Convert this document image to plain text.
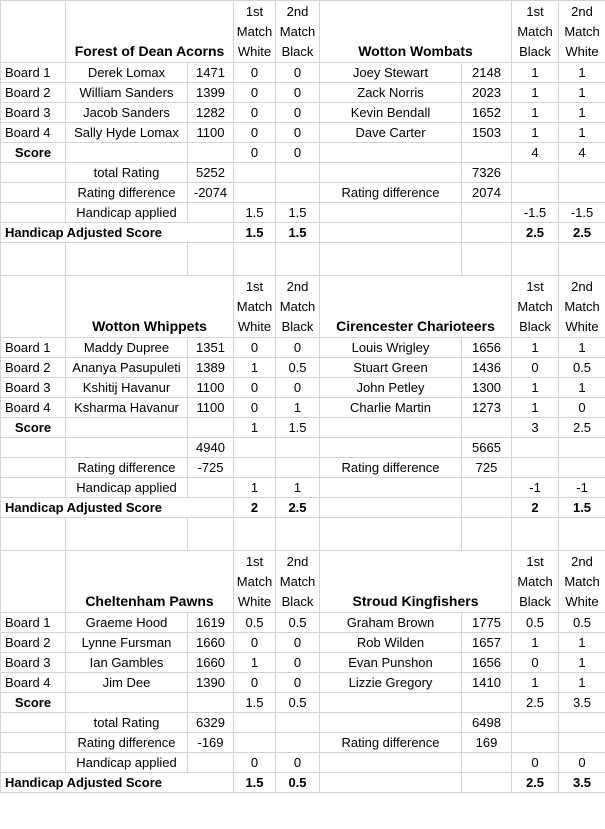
	Forest of Dean Acorns		1st
Match
White	2nd
Match
Black	Wotton Wombats		1st
Match
Black	2nd
Match
White

Board 1	Derek Lomax	1471	0	0	Joey Stewart	2148	1	1
Board 2	William Sanders	1399	0	0	Zack Norris	2023	1	1
Board 3	Jacob Sanders	1282	0	0	Kevin Bendall	1652	1	1
Board 4	Sally Hyde Lomax	1100	0	0	Dave Carter	1503	1	1
Score			0	0			4	4
	total Rating	5252				7326		
	Rating difference	-2074			Rating difference	2074		
	Handicap applied		1.5	1.5			-1.5	-1.5
Handicap Adjusted Score			1.5	1.5			2.5	2.5

	Wotton Whippets		1st
Match
White	2nd
Match
Black	Cirencester Charioteers		1st
Match
Black	2nd
Match
White

Board 1	Maddy Dupree	1351	0	0	Louis Wrigley	1656	1	1
Board 2	Ananya Pasupuleti	1389	1	0.5	Stuart Green	1436	0	0.5
Board 3	Kshitij Havanur	1100	0	0	John Petley	1300	1	1
Board 4	Ksharma Havanur	1100	0	1	Charlie Martin	1273	1	0
Score			1	1.5			3	2.5
		4940				5665		
	Rating difference	-725			Rating difference	725		
	Handicap applied		1	1			-1	-1
Handicap Adjusted Score			2	2.5			2	1.5

	Cheltenham Pawns		1st
Match
White	2nd
Match
Black	Stroud Kingfishers		1st
Match
Black	2nd
Match
White

Board 1	Graeme Hood	1619	0.5	0.5	Graham Brown	1775	0.5	0.5
Board 2	Lynne Fursman	1660	0	0	Rob Wilden	1657	1	1
Board 3	Ian Gambles	1660	1	0	Evan Punshon	1656	0	1
Board 4	Jim Dee	1390	0	0	Lizzie Gregory	1410	1	1
Score			1.5	0.5			2.5	3.5
	total Rating	6329				6498		
	Rating difference	-169			Rating difference	169		
	Handicap applied		0	0			0	0
Handicap Adjusted Score			1.5	0.5			2.5	3.5
